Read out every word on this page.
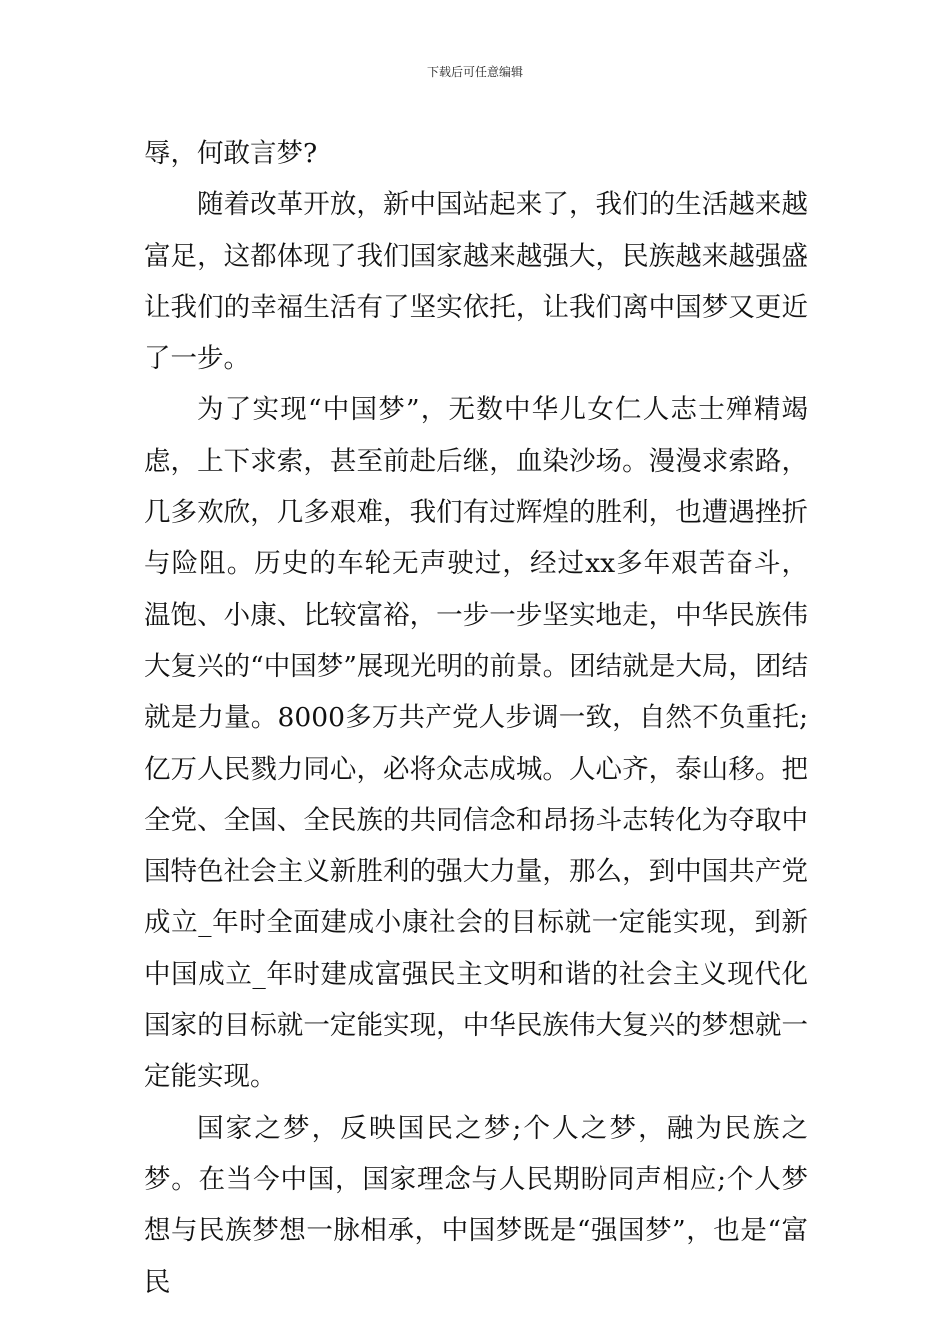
下载后可任意编辑

辱，何敢言梦?

随着改革开放，新中国站起来了，我们的生活越来越富足，这都体现了我们国家越来越强大，民族越来越强盛让我们的幸福生活有了坚实依托，让我们离中国梦又更近了一步。

为了实现“中国梦”，无数中华儿女仁人志士殚精竭虑，上下求索，甚至前赴后继，血染沙场。漫漫求索路，几多欢欣，几多艰难，我们有过辉煌的胜利，也遭遇挫折与险阻。历史的车轮无声驶过，经过xx多年艰苦奋斗，温饱、小康、比较富裕，一步一步坚实地走，中华民族伟大复兴的“中国梦”展现光明的前景。团结就是大局，团结就是力量。8000多万共产党人步调一致，自然不负重托;亿万人民戮力同心，必将众志成城。人心齐，泰山移。把全党、全国、全民族的共同信念和昂扬斗志转化为夺取中国特色社会主义新胜利的强大力量，那么，到中国共产党成立_年时全面建成小康社会的目标就一定能实现，到新中国成立_年时建成富强民主文明和谐的社会主义现代化国家的目标就一定能实现，中华民族伟大复兴的梦想就一定能实现。

国家之梦，反映国民之梦;个人之梦，融为民族之梦。在当今中国，国家理念与人民期盼同声相应;个人梦想与民族梦想一脉相承，中国梦既是“强国梦”，也是“富民
